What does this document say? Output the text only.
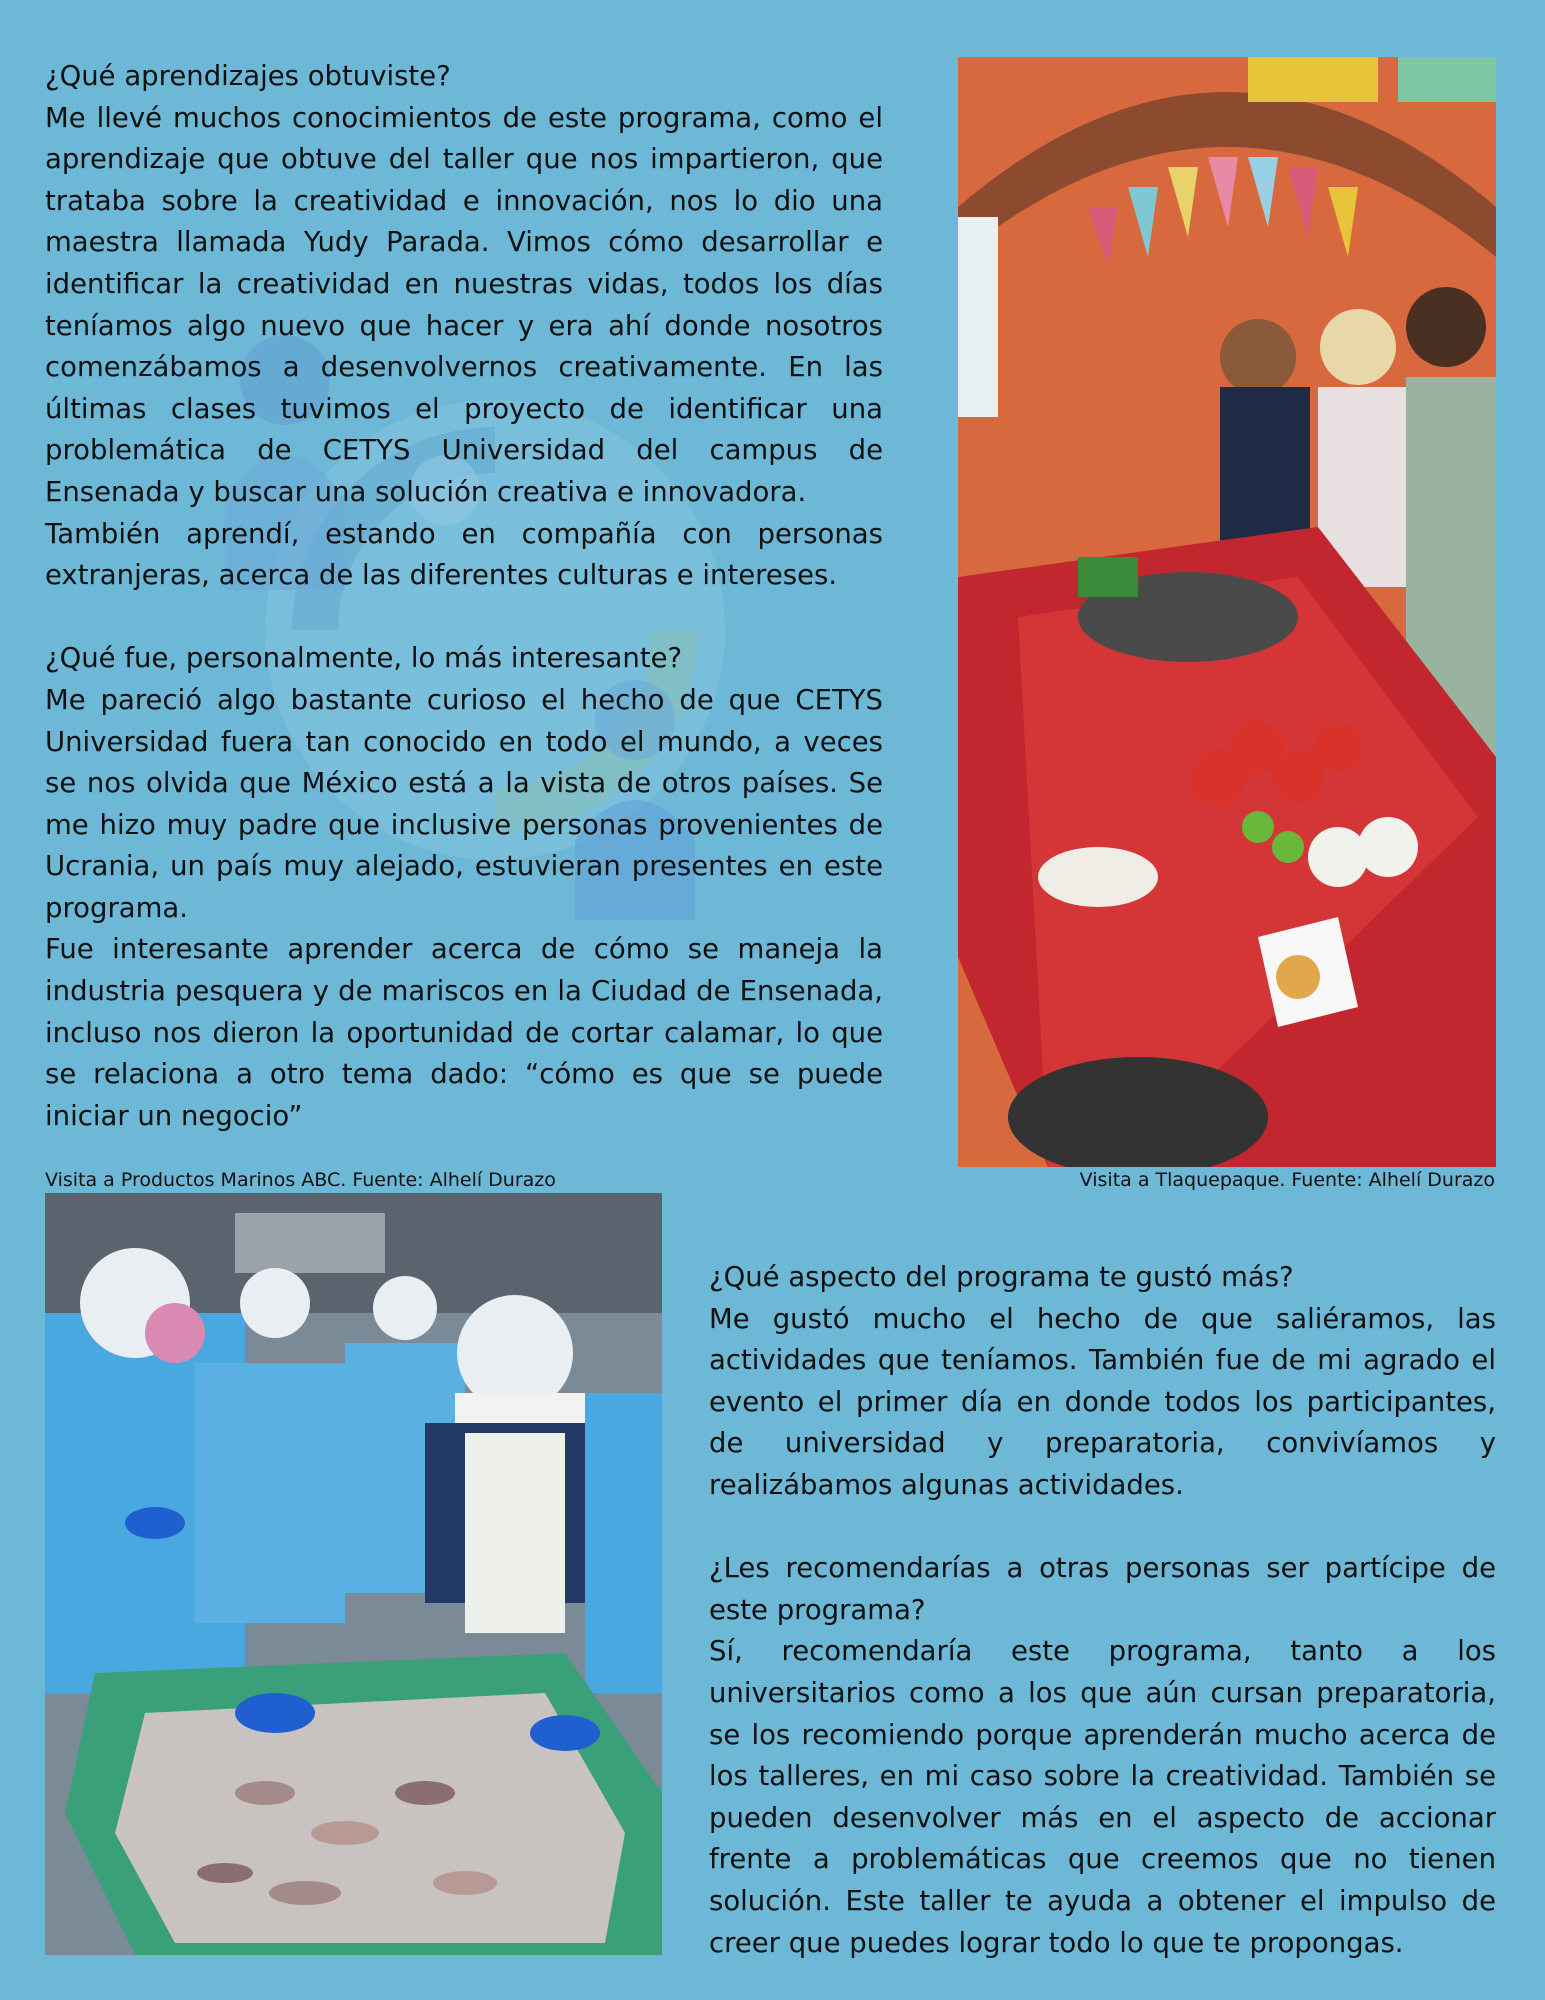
¿Qué aprendizajes obtuviste?

Me llevé muchos conocimientos de este programa, como el aprendizaje que obtuve del taller que nos impartieron, que trataba sobre la creatividad e innovación, nos lo dio una maestra llamada Yudy Parada. Vimos cómo desarrollar e identificar la creatividad en nuestras vidas, todos los días teníamos algo nuevo que hacer y era ahí donde nosotros comenzábamos a desenvolvernos creativamente. En las últimas clases tuvimos el proyecto de identificar una problemática de CETYS Universidad del campus de Ensenada y buscar una solución creativa e innovadora.

También aprendí, estando en compañía con personas extranjeras, acerca de las diferentes culturas e intereses.

¿Qué fue, personalmente, lo más interesante?

Me pareció algo bastante curioso el hecho de que CETYS Universidad fuera tan conocido en todo el mundo, a veces se nos olvida que México está a la vista de otros países. Se me hizo muy padre que inclusive personas provenientes de Ucrania, un país muy alejado, estuvieran presentes en este programa.

Fue interesante aprender acerca de cómo se maneja la industria pesquera y de mariscos en la Ciudad de Ensenada, incluso nos dieron la oportunidad de cortar calamar, lo que se relaciona a otro tema dado: “cómo es que se puede iniciar un negocio”

Visita a Productos Marinos ABC. Fuente: Alhelí Durazo	Visita a Tlaquepaque. Fuente: Alhelí Durazo

¿Qué aspecto del programa te gustó más?

Me gustó mucho el hecho de que saliéramos, las actividades que teníamos. También fue de mi agrado el evento el primer día en donde todos los participantes, de universidad y preparatoria, convivíamos y realizábamos algunas actividades.

¿Les recomendarías a otras personas ser partícipe de este programa?

Sí, recomendaría este programa, tanto a los universitarios como a los que aún cursan preparatoria, se los recomiendo porque aprenderán mucho acerca de los talleres, en mi caso sobre la creatividad. También se pueden desenvolver más en el aspecto de accionar frente a problemáticas que creemos que no tienen solución. Este taller te ayuda a obtener el impulso de creer que puedes lograr todo lo que te propongas.
